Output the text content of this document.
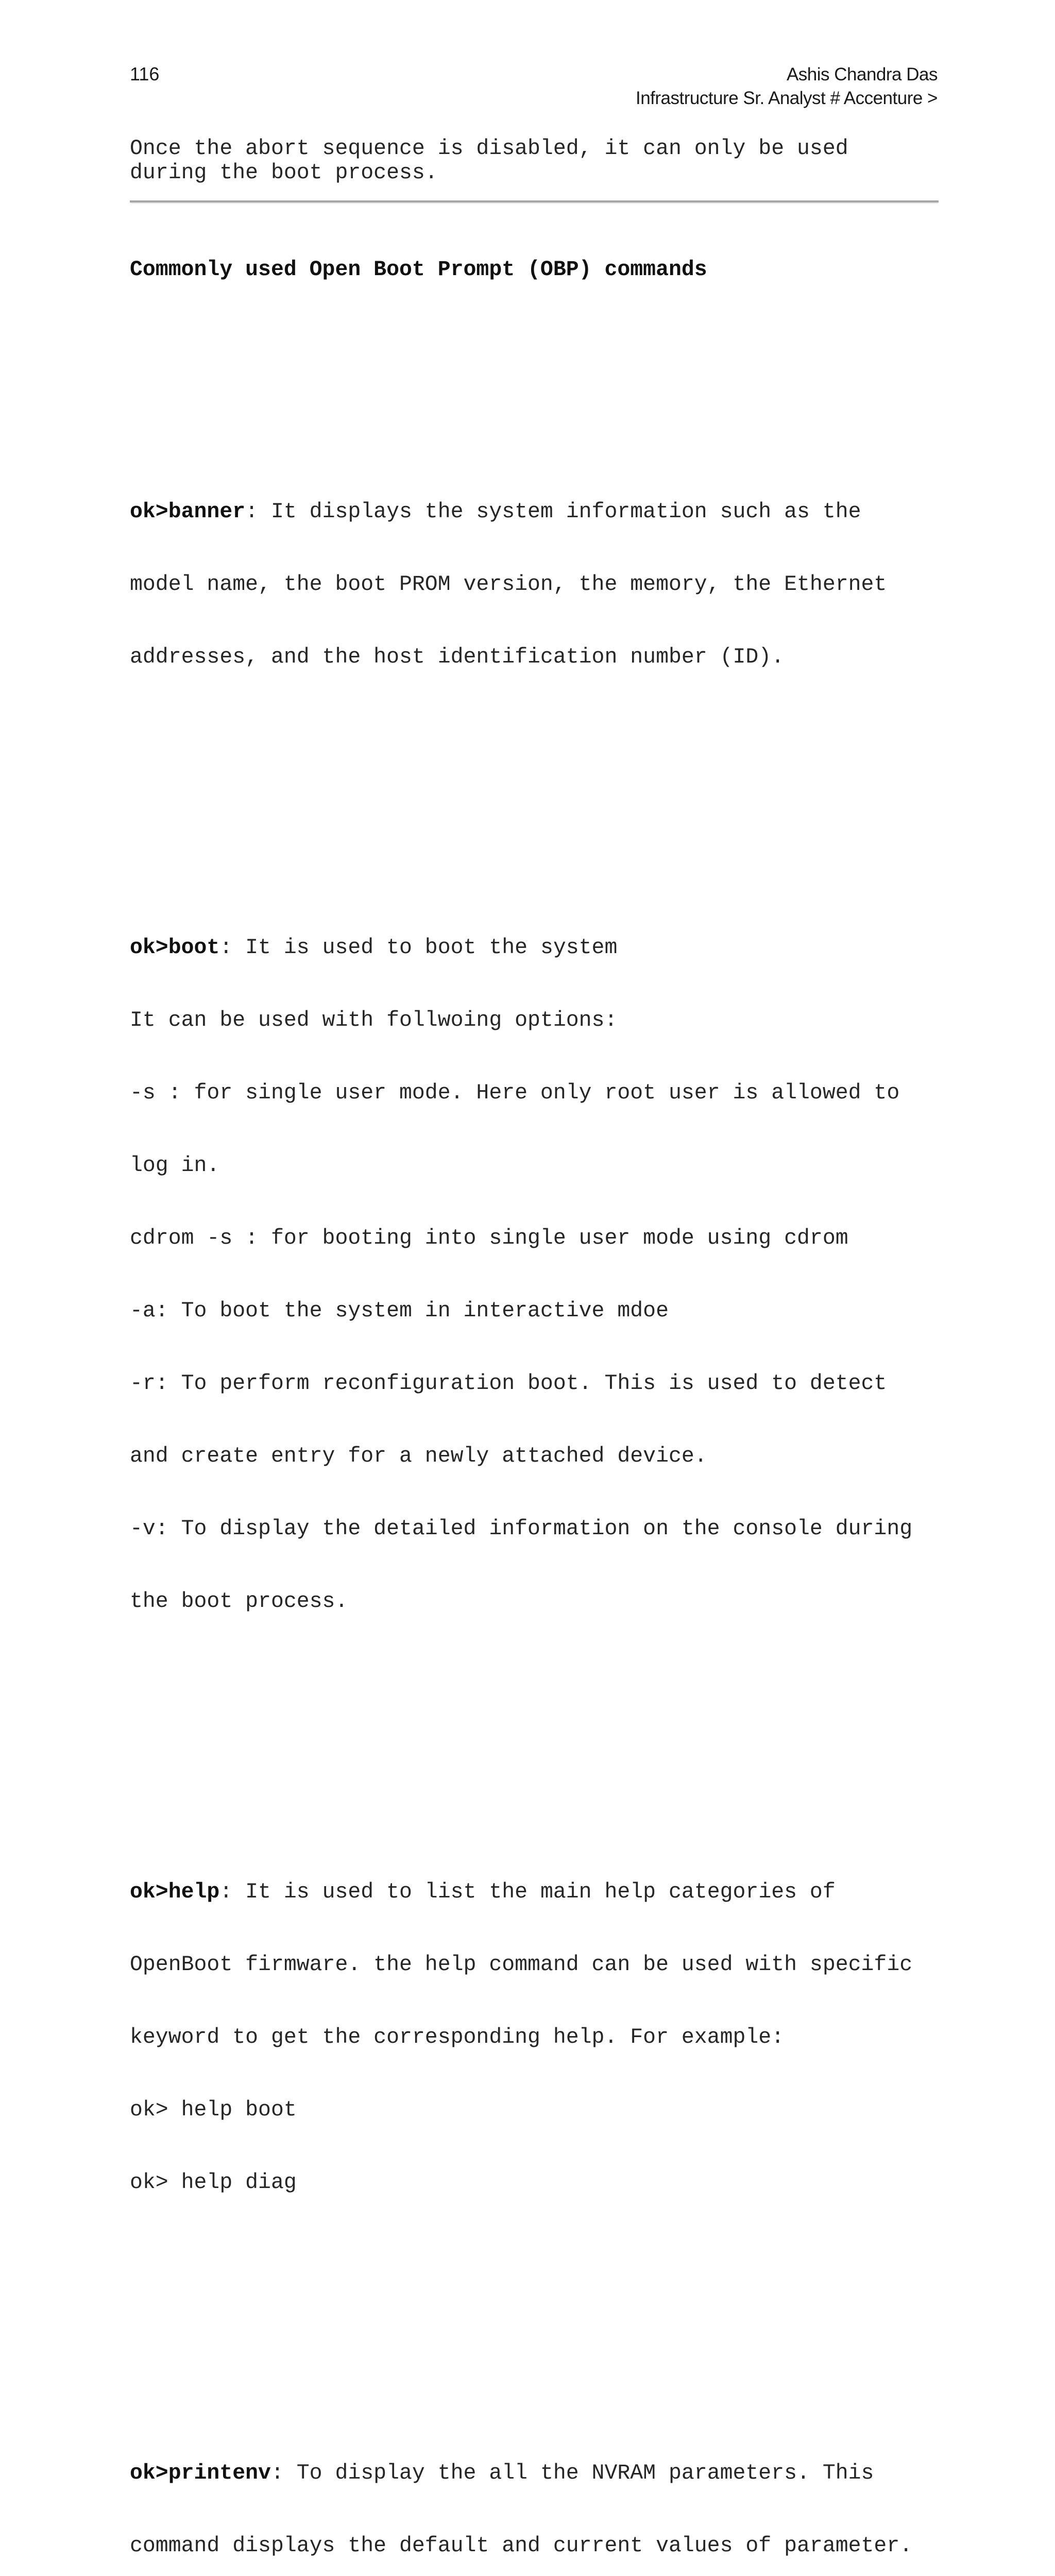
116	Ashis Chandra Das
Infrastructure Sr. Analyst # Accenture >
Once the abort sequence is disabled, it can only be used
during the boot process.

Commonly used Open Boot Prompt (OBP) commands

ok>banner: It displays the system information such as the

model name, the boot PROM version, the memory, the Ethernet

addresses, and the host identification number (ID).

ok>boot: It is used to boot the system

It can be used with follwoing options:

-s : for single user mode. Here only root user is allowed to

log in.

cdrom -s : for booting into single user mode using cdrom

-a: To boot the system in interactive mdoe

-r: To perform reconfiguration boot. This is used to detect

and create entry for a newly attached device.

-v: To display the detailed information on the console during

the boot process.

ok>help: It is used to list the main help categories of

OpenBoot firmware. the help command can be used with specific

keyword to get the corresponding help. For example:

ok> help boot

ok> help diag

ok>printenv: To display the all the NVRAM parameters. This

command displays the default and current values of parameter.
